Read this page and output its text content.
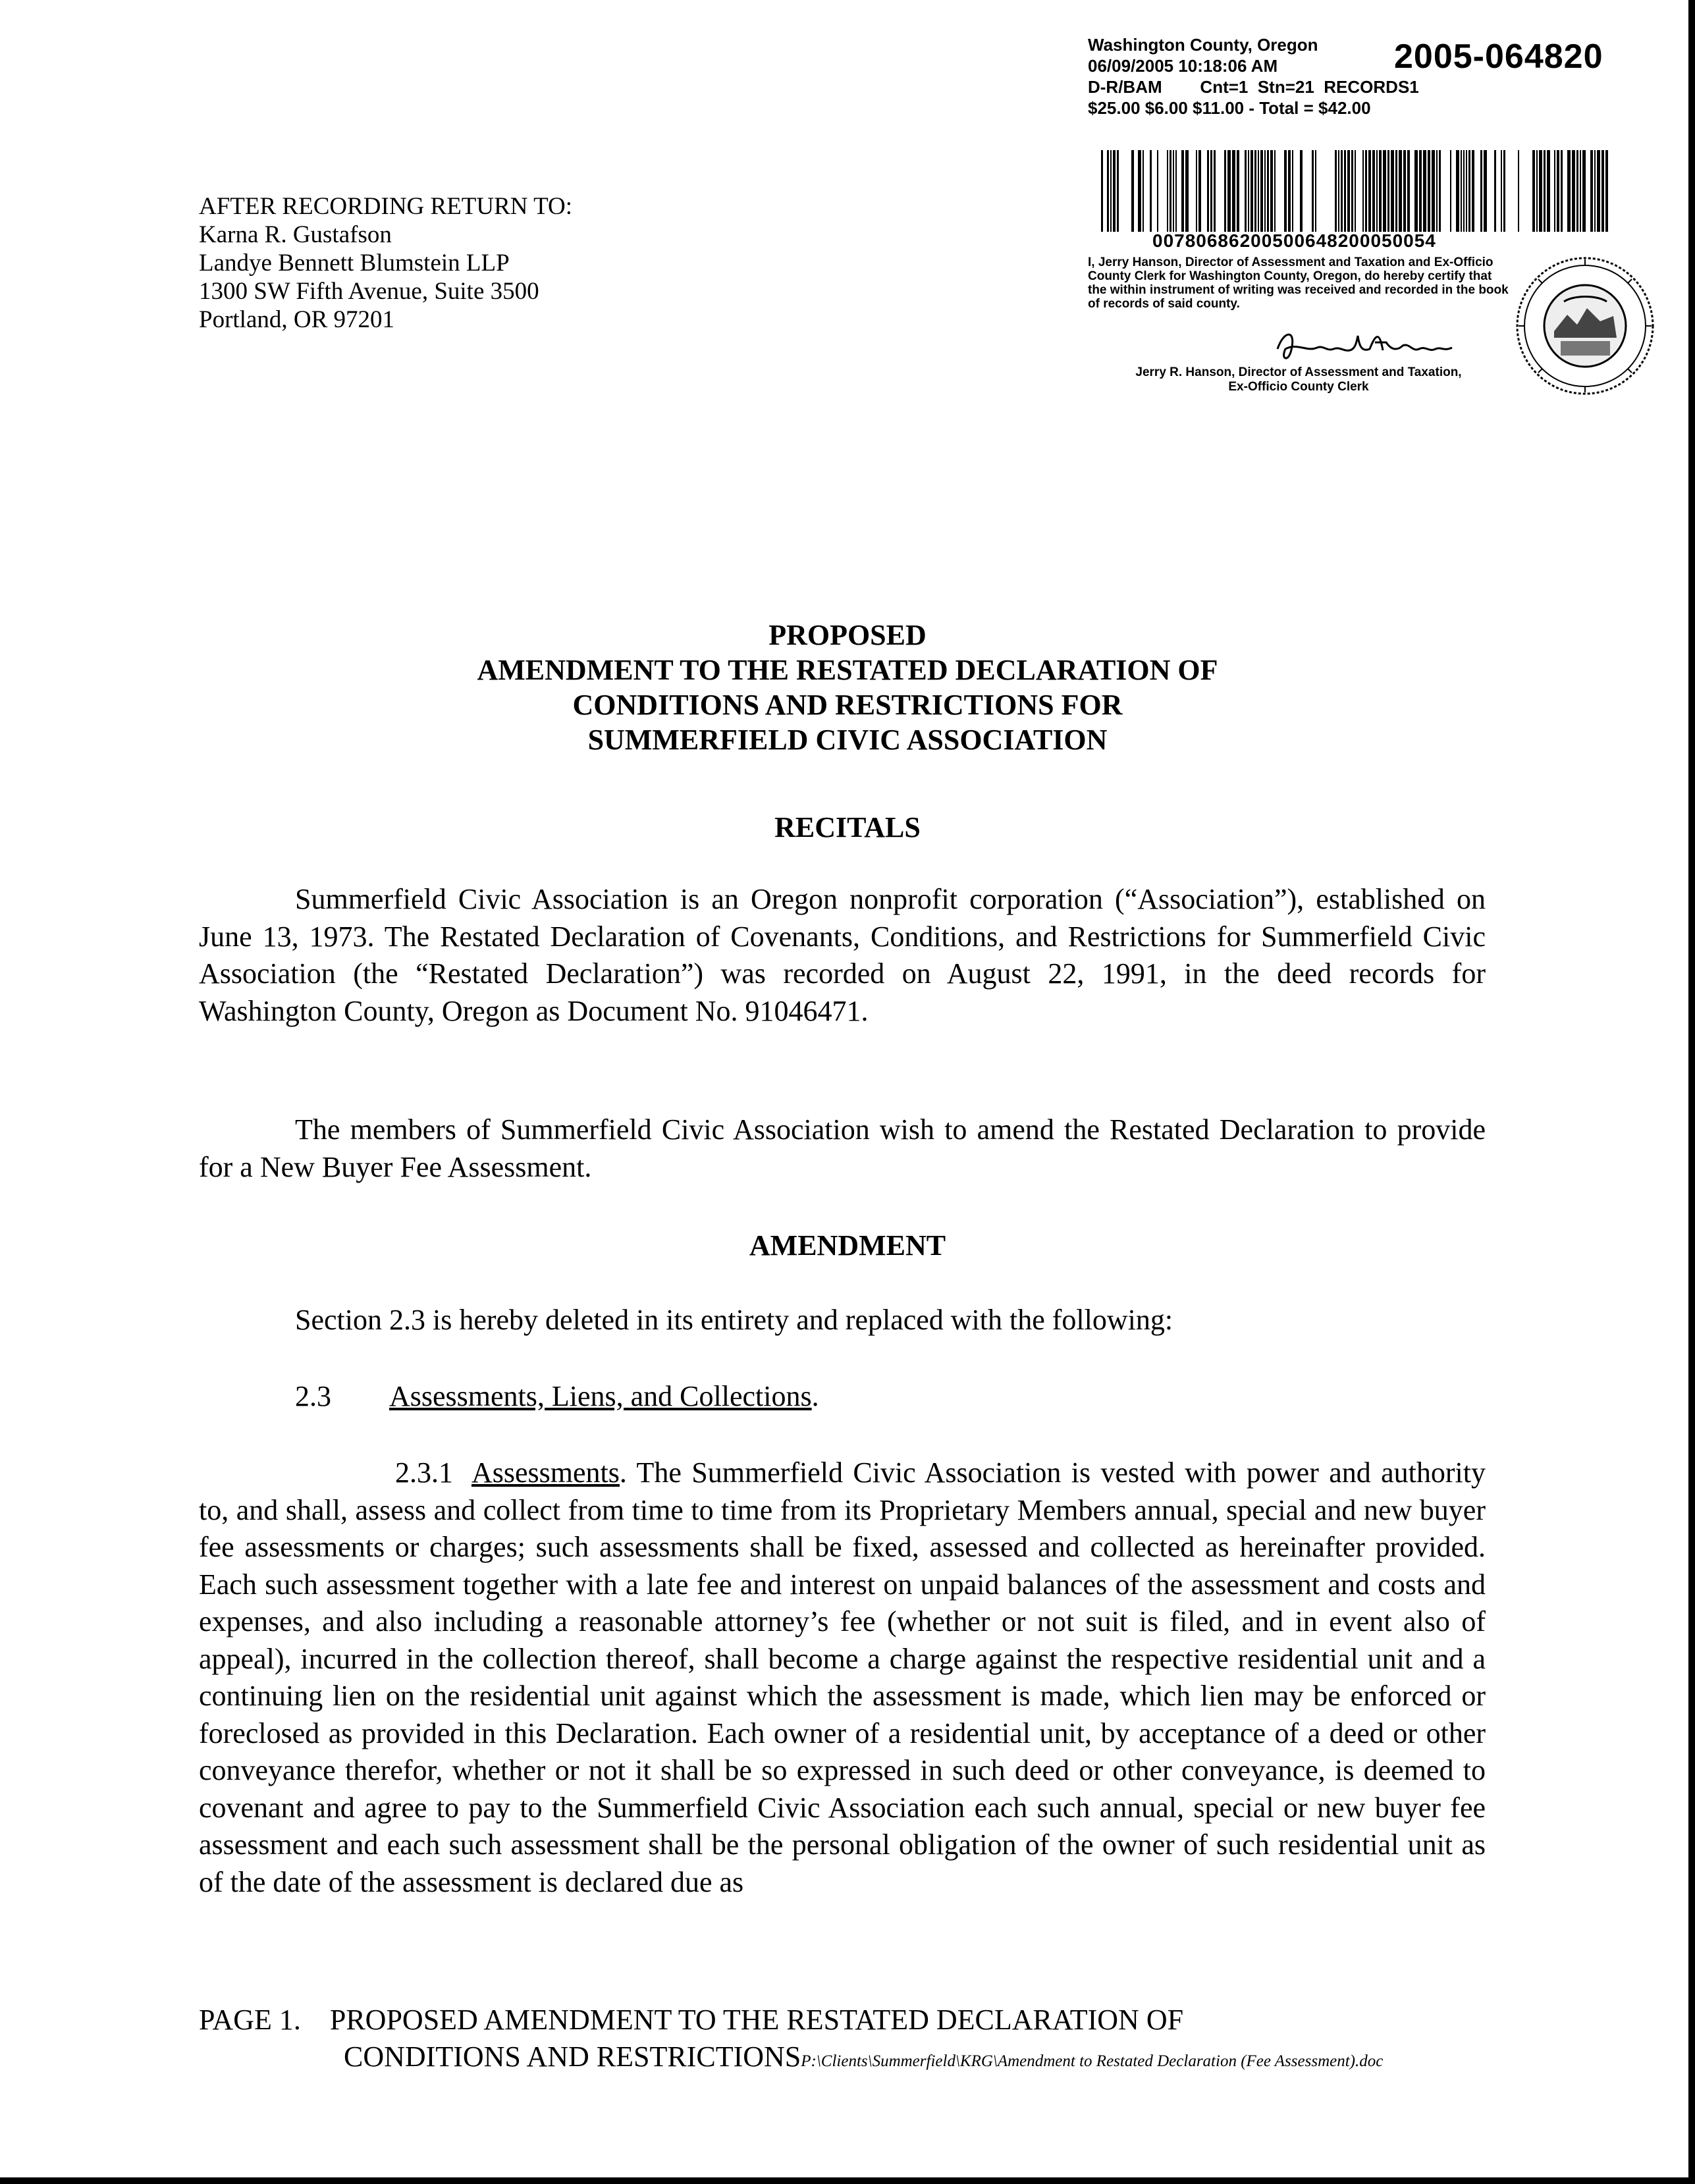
Washington County, Oregon
06/09/2005 10:18:06 AM
D-R/BAM        Cnt=1  Stn=21  RECORDS1
$25.00 $6.00 $11.00 - Total = $42.00
2005-064820
00780686200500648200050054
I, Jerry Hanson, Director of Assessment and Taxation and Ex-Officio County Clerk for Washington County, Oregon, do hereby certify that the within instrument of writing was received and recorded in the book of records of said county.
Jerry R. Hanson, Director of Assessment and Taxation,
Ex-Officio County Clerk
AFTER RECORDING RETURN TO:
Karna R. Gustafson
Landye Bennett Blumstein LLP
1300 SW Fifth Avenue, Suite 3500
Portland, OR 97201
PROPOSED
AMENDMENT TO THE RESTATED DECLARATION OF
CONDITIONS AND RESTRICTIONS FOR
SUMMERFIELD CIVIC ASSOCIATION
RECITALS

Summerfield Civic Association is an Oregon nonprofit corporation (“Association”), established on June 13, 1973. The Restated Declaration of Covenants, Conditions, and Restrictions for Summerfield Civic Association (the “Restated Declaration”) was recorded on August 22, 1991, in the deed records for Washington County, Oregon as Document No. 91046471.

The members of Summerfield Civic Association wish to amend the Restated Declaration to provide for a New Buyer Fee Assessment.

AMENDMENT
Section 2.3 is hereby deleted in its entirety and replaced with the following:
2.3 Assessments, Liens, and Collections.

2.3.1 Assessments. The Summerfield Civic Association is vested with power and authority to, and shall, assess and collect from time to time from its Proprietary Members annual, special and new buyer fee assessments or charges; such assessments shall be fixed, assessed and collected as hereinafter provided. Each such assessment together with a late fee and interest on unpaid balances of the assessment and costs and expenses, and also including a reasonable attorney’s fee (whether or not suit is filed, and in event also of appeal), incurred in the collection thereof, shall become a charge against the respective residential unit and a continuing lien on the residential unit against which the assessment is made, which lien may be enforced or foreclosed as provided in this Declaration. Each owner of a residential unit, by acceptance of a deed or other conveyance therefor, whether or not it shall be so expressed in such deed or other conveyance, is deemed to covenant and agree to pay to the Summerfield Civic Association each such annual, special or new buyer fee assessment and each such assessment shall be the personal obligation of the owner of such residential unit as of the date of the assessment is declared due as

PAGE 1. PROPOSED AMENDMENT TO THE RESTATED DECLARATION OF
CONDITIONS AND RESTRICTIONSP:\Clients\Summerfield\KRG\Amendment to Restated Declaration (Fee Assessment).doc
